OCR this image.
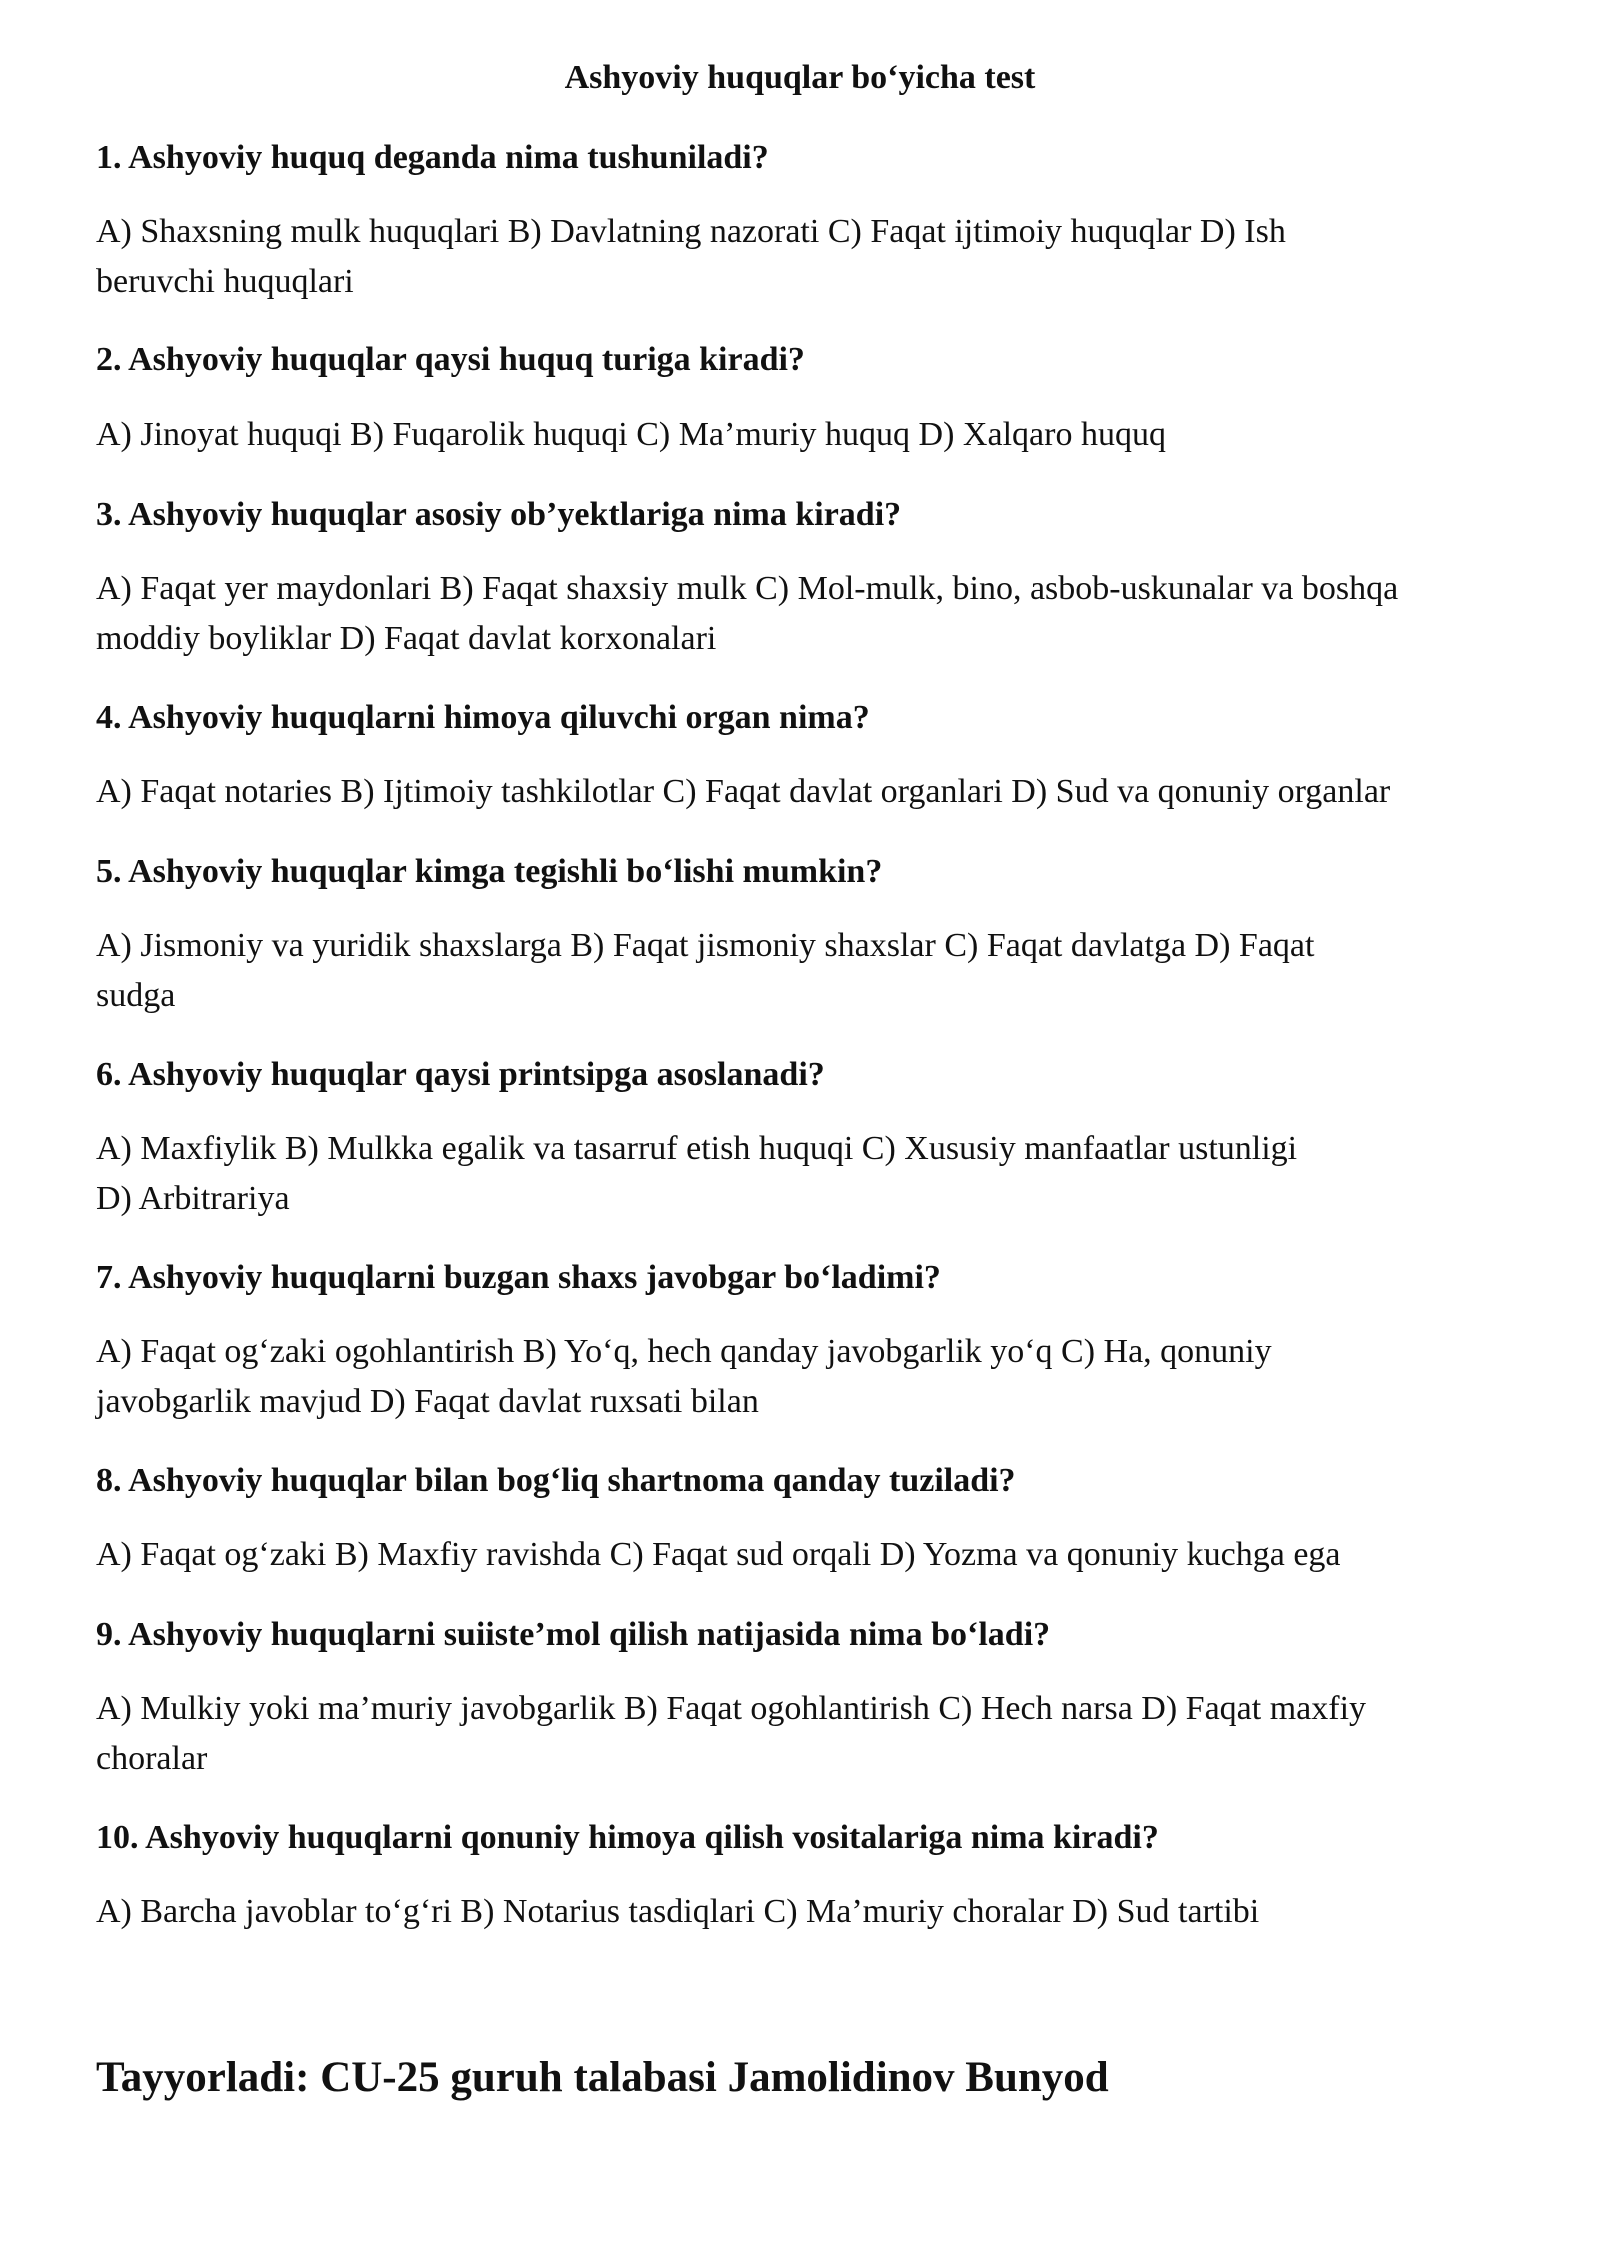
Ashyoviy huquqlar bo‘yicha test
1. Ashyoviy huquq deganda nima tushuniladi?
A) Shaxsning mulk huquqlari B) Davlatning nazorati C) Faqat ijtimoiy huquqlar D) Ish
beruvchi huquqlari
2. Ashyoviy huquqlar qaysi huquq turiga kiradi?
A) Jinoyat huquqi B) Fuqarolik huquqi C) Ma’muriy huquq D) Xalqaro huquq
3. Ashyoviy huquqlar asosiy ob’yektlariga nima kiradi?
A) Faqat yer maydonlari B) Faqat shaxsiy mulk C) Mol-mulk, bino, asbob-uskunalar va boshqa
moddiy boyliklar D) Faqat davlat korxonalari
4. Ashyoviy huquqlarni himoya qiluvchi organ nima?
A) Faqat notaries B) Ijtimoiy tashkilotlar C) Faqat davlat organlari D) Sud va qonuniy organlar
5. Ashyoviy huquqlar kimga tegishli bo‘lishi mumkin?
A) Jismoniy va yuridik shaxslarga B) Faqat jismoniy shaxslar C) Faqat davlatga D) Faqat
sudga
6. Ashyoviy huquqlar qaysi printsipga asoslanadi?
A) Maxfiylik B) Mulkka egalik va tasarruf etish huquqi C) Xususiy manfaatlar ustunligi
D) Arbitrariya
7. Ashyoviy huquqlarni buzgan shaxs javobgar bo‘ladimi?
A) Faqat og‘zaki ogohlantirish B) Yo‘q, hech qanday javobgarlik yo‘q C) Ha, qonuniy
javobgarlik mavjud D) Faqat davlat ruxsati bilan
8. Ashyoviy huquqlar bilan bog‘liq shartnoma qanday tuziladi?
A) Faqat og‘zaki B) Maxfiy ravishda C) Faqat sud orqali D) Yozma va qonuniy kuchga ega
9. Ashyoviy huquqlarni suiiste’mol qilish natijasida nima bo‘ladi?
A) Mulkiy yoki ma’muriy javobgarlik B) Faqat ogohlantirish C) Hech narsa D) Faqat maxfiy
choralar
10. Ashyoviy huquqlarni qonuniy himoya qilish vositalariga nima kiradi?
A) Barcha javoblar to‘g‘ri B) Notarius tasdiqlari C) Ma’muriy choralar D) Sud tartibi
Tayyorladi: CU-25 guruh talabasi Jamolidinov Bunyod
